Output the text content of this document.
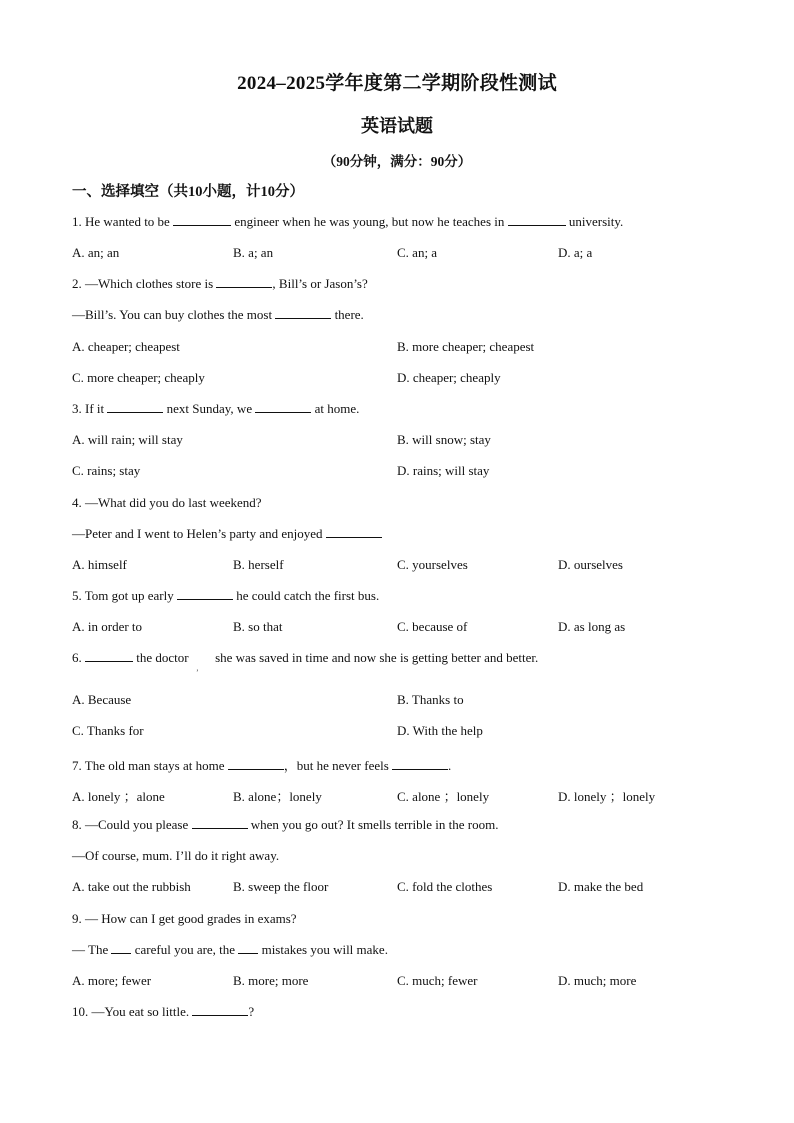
2024–2025学年度第二学期阶段性测试
英语试题
（90分钟，满分：90分）
一、选择填空（共10小题，计10分）
1. He wanted to be	engineer when he was young, but now he teaches in	university.
A. an; an	B. a; an	C. an; a	D. a; a
2. —Which clothes store is	, Bill’s or Jason’s?
—Bill’s. You can buy clothes the most	there.
A. cheaper; cheapest	B. more cheaper; cheapest
C. more cheaper; cheaply	D. cheaper; cheaply
3. If it	next Sunday, we	at home.
A. will rain; will stay	B. will snow; stay
C. rains; stay	D. rains; will stay
4. —What did you do last weekend?
—Peter and I went to Helen’s party and enjoyed
A. himself	B. herself	C. yourselves	D. ourselves
5. Tom got up early	he could catch the first bus.
A. in order to	B. so that	C. because of	D. as long as
6.	the doctor  she was saved in time and now she is getting better and better.
’
A. Because	B. Thanks to
C. Thanks for	D. With the help
7. The old man stays at home	，but he never feels	.
A. lonely ；alone	B. alone；lonely	C. alone ；lonely	D. lonely ；lonely
8. —Could you please	when you go out? It smells terrible in the room.
—Of course, mum. I’ll do it right away.
A. take out the rubbish	B. sweep the floor	C. fold the clothes	D. make the bed
9. — How can I get good grades in exams?
— The  careful you are, the  mistakes you will make.
A. more; fewer	B. more; more	C. much; fewer	D. much; more
10. —You eat so little.	?
